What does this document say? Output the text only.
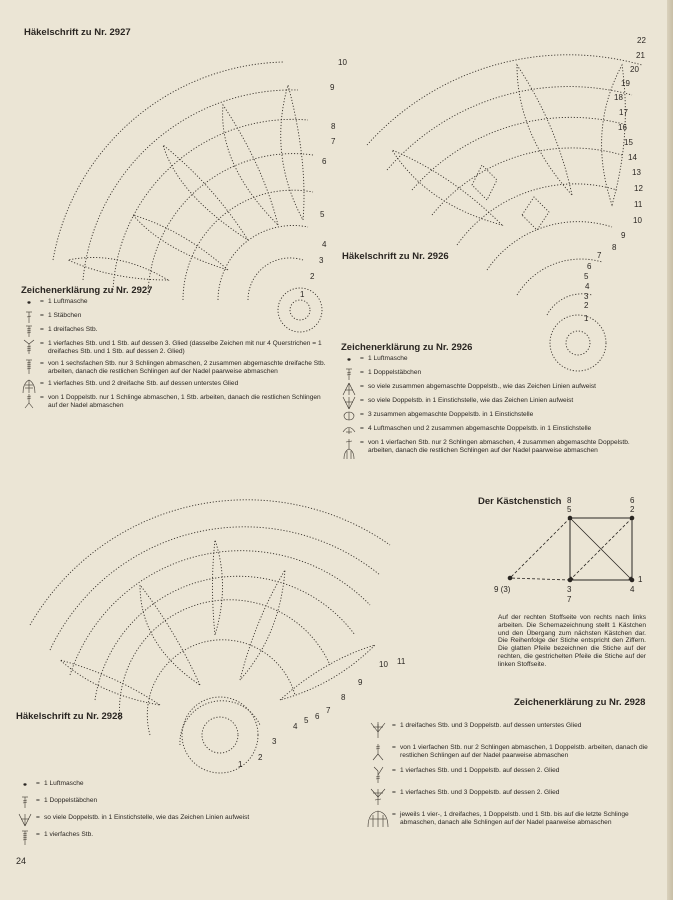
Häkelschrift zu Nr. 2927
10
9
8
7
6
5
4
3
2
1
22
21
20
19
18
17
16
15
14
13
12
11
10
9
8
7
6
5
4
3
2
1
Häkelschrift zu Nr. 2926
Zeichenerklärung zu Nr. 2927
= 1 Luftmasche
= 1 Stäbchen
= 1 dreifaches Stb.
= 1 vierfaches Stb. und 1 Stb. auf dessen 3. Glied (dasselbe Zeichen mit nur 4 Querstrichen = 1 dreifaches Stb. und 1 Stb. auf dessen 2. Glied)
= von 1 sechsfachen Stb. nur 3 Schlingen abmaschen, 2 zusammen abgemaschte dreifache Stb. arbeiten, danach die restlichen Schlingen auf der Nadel paarweise abmaschen
= 1 vierfaches Stb. und 2 dreifache Stb. auf dessen unterstes Glied
= von 1 Doppelstb. nur 1 Schlinge abmaschen, 1 Stb. arbeiten, danach die restlichen Schlingen auf der Nadel abmaschen
Zeichenerklärung zu Nr. 2926
= 1 Luftmasche
= 1 Doppelstäbchen
= so viele zusammen abgemaschte Doppelstb., wie das Zeichen Linien aufweist
= so viele Doppelstb. in 1 Einstichstelle, wie das Zeichen Linien aufweist
= 3 zusammen abgemaschte Doppelstb. in 1 Einstichstelle
= 4 Luftmaschen und 2 zusammen abgemaschte Doppelstb. in 1 Einstichstelle
= von 1 vierfachen Stb. nur 2 Schlingen abmaschen, 4 zusammen abgemaschte Doppelstb. arbeiten, danach die restlichen Schlingen auf der Nadel paarweise abmaschen
11
10
9
8
7
6
5
4
3
2
1
Häkelschrift zu Nr. 2928
= 1 Luftmasche
= 1 Doppelstäbchen
= so viele Doppelstb. in 1 Einstichstelle, wie das Zeichen Linien aufweist
= 1 vierfaches Stb.
Der Kästchenstich 8
5
6
2
9 (3)	3
7
1
4
Auf der rechten Stoffseite von rechts nach links arbeiten. Die Schemazeichnung stellt 1 Kästchen und den Übergang zum nächsten Kästchen dar. Die Reihenfolge der Stiche entspricht den Ziffern. Die glatten Pfeile bezeichnen die Stiche auf der rechten, die gestrichelten Pfeile die Stiche auf der linken Stoffseite.
Zeichenerklärung zu Nr. 2928
= 1 dreifaches Stb. und 3 Doppelstb. auf dessen unterstes Glied
= von 1 vierfachen Stb. nur 2 Schlingen abmaschen, 1 Doppelstb. arbeiten, danach die restlichen Schlingen auf der Nadel paarweise abmaschen
= 1 vierfaches Stb. und 1 Doppelstb. auf dessen 2. Glied
= 1 vierfaches Stb. und 3 Doppelstb. auf dessen 2. Glied
= jeweils 1 vier-, 1 dreifaches, 1 Doppelstb. und 1 Stb. bis auf die letzte Schlinge abmaschen, danach alle Schlingen auf der Nadel paarweise abmaschen
24
